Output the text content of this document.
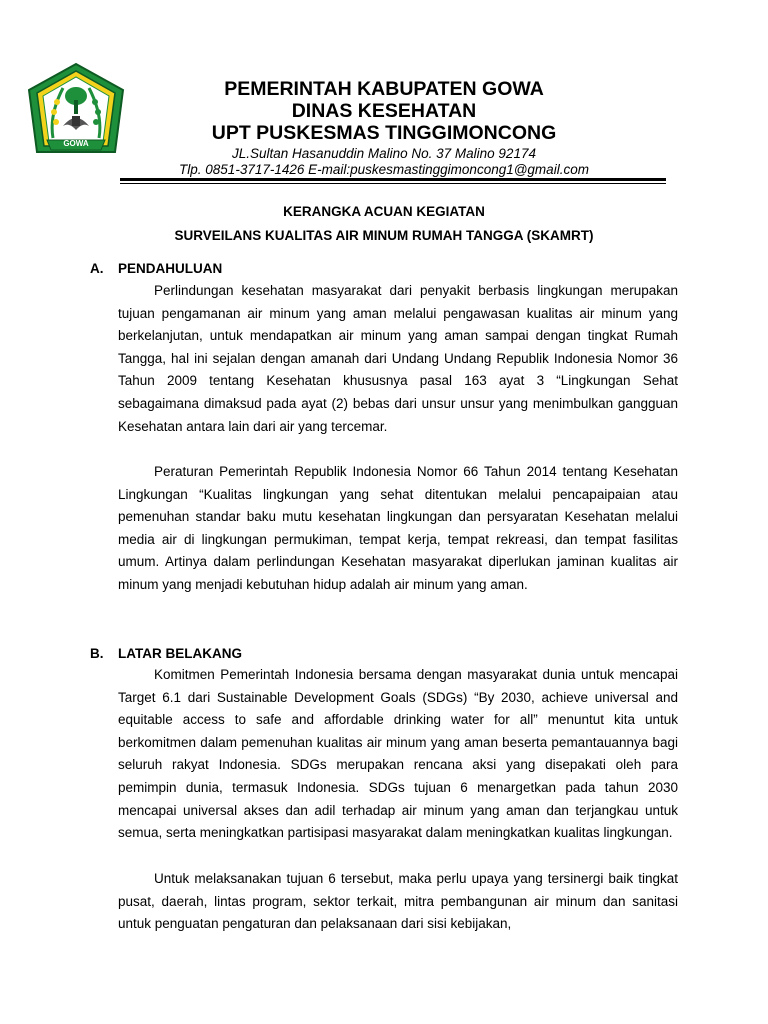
GOWA
PEMERINTAH KABUPATEN GOWA
DINAS KESEHATAN
UPT PUSKESMAS TINGGIMONCONG
JL.Sultan Hasanuddin Malino No. 37 Malino 92174
Tlp. 0851-3717-1426 E-mail:puskesmastinggimoncong1@gmail.com
KERANGKA ACUAN KEGIATAN
SURVEILANS KUALITAS AIR MINUM RUMAH TANGGA (SKAMRT)
A.	PENDAHULUAN

Perlindungan kesehatan masyarakat dari penyakit berbasis lingkungan merupakan tujuan pengamanan air minum yang aman melalui pengawasan kualitas air minum yang berkelanjutan, untuk mendapatkan air minum yang aman sampai dengan tingkat Rumah Tangga, hal ini sejalan dengan amanah dari Undang Undang Republik Indonesia Nomor 36 Tahun 2009 tentang Kesehatan khususnya pasal 163 ayat 3 “Lingkungan Sehat sebagaimana dimaksud pada ayat (2) bebas dari unsur unsur yang menimbulkan gangguan Kesehatan antara lain dari air yang tercemar.

Peraturan Pemerintah Republik Indonesia Nomor 66 Tahun 2014 tentang Kesehatan Lingkungan “Kualitas lingkungan yang sehat ditentukan melalui pencapaipaian atau pemenuhan standar baku mutu kesehatan lingkungan dan persyaratan Kesehatan melalui media air di lingkungan permukiman, tempat kerja, tempat rekreasi, dan tempat fasilitas umum. Artinya dalam perlindungan Kesehatan masyarakat diperlukan jaminan kualitas air minum yang menjadi kebutuhan hidup adalah air minum yang aman.

B.	LATAR BELAKANG

Komitmen Pemerintah Indonesia bersama dengan masyarakat dunia untuk mencapai Target 6.1 dari Sustainable Development Goals (SDGs) “By 2030, achieve universal and equitable access to safe and affordable drinking water for all” menuntut kita untuk berkomitmen dalam pemenuhan kualitas air minum yang aman beserta pemantauannya bagi seluruh rakyat Indonesia. SDGs merupakan rencana aksi yang disepakati oleh para pemimpin dunia, termasuk Indonesia. SDGs tujuan 6 menargetkan pada tahun 2030 mencapai universal akses dan adil terhadap air minum yang aman dan terjangkau untuk semua, serta meningkatkan partisipasi masyarakat dalam meningkatkan kualitas lingkungan.

Untuk melaksanakan tujuan 6 tersebut, maka perlu upaya yang tersinergi baik tingkat pusat, daerah, lintas program, sektor terkait, mitra pembangunan air minum dan sanitasi untuk penguatan pengaturan dan pelaksanaan dari sisi kebijakan,
